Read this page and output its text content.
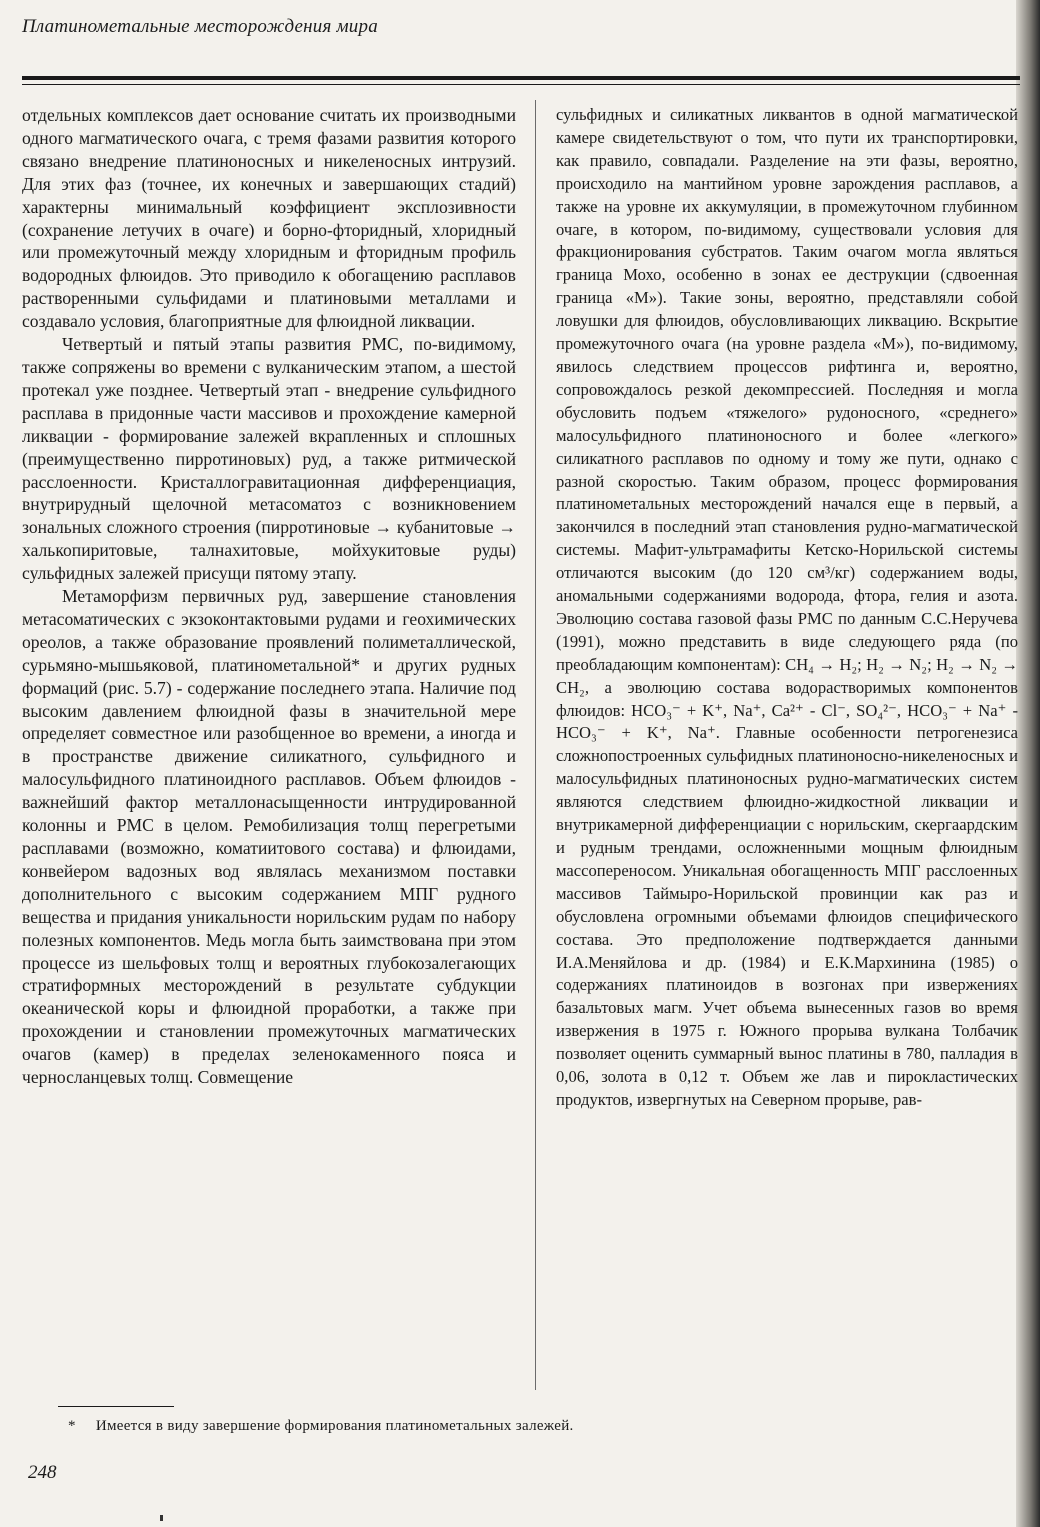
Платинометальные месторождения мира

отдельных комплексов дает основание считать их производными одного магматического очага, с тремя фазами развития которого связано внедрение платиноносных и никеленосных интрузий. Для этих фаз (точнее, их конечных и завершающих стадий) характерны минимальный коэффициент эксплозивности (сохранение летучих в очаге) и борно-фторидный, хлоридный или промежуточный между хлоридным и фторидным профиль водородных флюидов. Это приводило к обогащению расплавов растворенными сульфидами и платиновыми металлами и создавало условия, благоприятные для флюидной ликвации.

Четвертый и пятый этапы развития РМС, по-видимому, также сопряжены во времени с вулканическим этапом, а шестой протекал уже позднее. Четвертый этап - внедрение сульфидного расплава в придонные части массивов и прохождение камерной ликвации - формирование залежей вкрапленных и сплошных (преимущественно пирротиновых) руд, а также ритмической расслоенности. Кристаллогравитационная дифференциация, внутрирудный щелочной метасоматоз с возникновением зональных сложного строения (пирротиновые → кубанитовые → халькопиритовые, талнахитовые, мойхукитовые руды) сульфидных залежей присущи пятому этапу.

Метаморфизм первичных руд, завершение становления метасоматических с экзоконтактовыми рудами и геохимических ореолов, а также образование проявлений полиметаллической, сурьмяно-мышьяковой, платинометальной* и других рудных формаций (рис. 5.7) - содержание последнего этапа. Наличие под высоким давлением флюидной фазы в значительной мере определяет совместное или разобщенное во времени, а иногда и в пространстве движение силикатного, сульфидного и малосульфидного платиноидного расплавов. Объем флюидов - важнейший фактор металлонасыщенности интрудированной колонны и РМС в целом. Ремобилизация толщ перегретыми расплавами (возможно, коматиитового состава) и флюидами, конвейером вадозных вод являлась механизмом поставки дополнительного с высоким содержанием МПГ рудного вещества и придания уникальности норильским рудам по набору полезных компонентов. Медь могла быть заимствована при этом процессе из шельфовых толщ и вероятных глубокозалегающих стратиформных месторождений в результате субдукции океанической коры и флюидной проработки, а также при прохождении и становлении промежуточных магматических очагов (камер) в пределах зеленокаменного пояса и черносланцевых толщ. Совмещение

сульфидных и силикатных ликвантов в одной магматической камере свидетельствуют о том, что пути их транспортировки, как правило, совпадали. Разделение на эти фазы, вероятно, происходило на мантийном уровне зарождения расплавов, а также на уровне их аккумуляции, в промежуточном глубинном очаге, в котором, по-видимому, существовали условия для фракционирования субстратов. Таким очагом могла являться граница Мохо, особенно в зонах ее деструкции (сдвоенная граница «М»). Такие зоны, вероятно, представляли собой ловушки для флюидов, обусловливающих ликвацию. Вскрытие промежуточного очага (на уровне раздела «М»), по-видимому, явилось следствием процессов рифтинга и, вероятно, сопровождалось резкой декомпрессией. Последняя и могла обусловить подъем «тяжелого» рудоносного, «среднего» малосульфидного платиноносного и более «легкого» силикатного расплавов по одному и тому же пути, однако с разной скоростью. Таким образом, процесс формирования платинометальных месторождений начался еще в первый, а закончился в последний этап становления рудно-магматической системы. Мафит-ультрамафиты Кетско-Норильской системы отличаются высоким (до 120 см³/кг) содержанием воды, аномальными содержаниями водорода, фтора, гелия и азота. Эволюцию состава газовой фазы РМС по данным С.С.Неручева (1991), можно представить в виде следующего ряда (по преобладающим компонентам): CH₄ → H₂; H₂ → N₂; H₂ → N₂ → CH₂, а эволюцию состава водорастворимых компонентов флюидов: HCO₃⁻ + K⁺, Na⁺, Ca²⁺ - Cl⁻, SO₄²⁻, HCO₃⁻ + Na⁺ - HCO₃⁻ + K⁺, Na⁺. Главные особенности петрогенезиса сложнопостроенных сульфидных платиноносно-никеленосных и малосульфидных платиноносных рудно-магматических систем являются следствием флюидно-жидкостной ликвации и внутрикамерной дифференциации с норильским, скергаардским и рудным трендами, осложненными мощным флюидным массопереносом. Уникальная обогащенность МПГ расслоенных массивов Таймыро-Норильской провинции как раз и обусловлена огромными объемами флюидов специфического состава. Это предположение подтверждается данными И.А.Меняйлова и др. (1984) и Е.К.Мархинина (1985) о содержаниях платиноидов в возгонах при извержениях базальтовых магм. Учет объема вынесенных газов во время извержения в 1975 г. Южного прорыва вулкана Толбачик позволяет оценить суммарный вынос платины в 780, палладия в 0,06, золота в 0,12 т. Объем же лав и пирокластических продуктов, извергнутых на Северном прорыве, рав-

* Имеется в виду завершение формирования платинометальных залежей.
248
